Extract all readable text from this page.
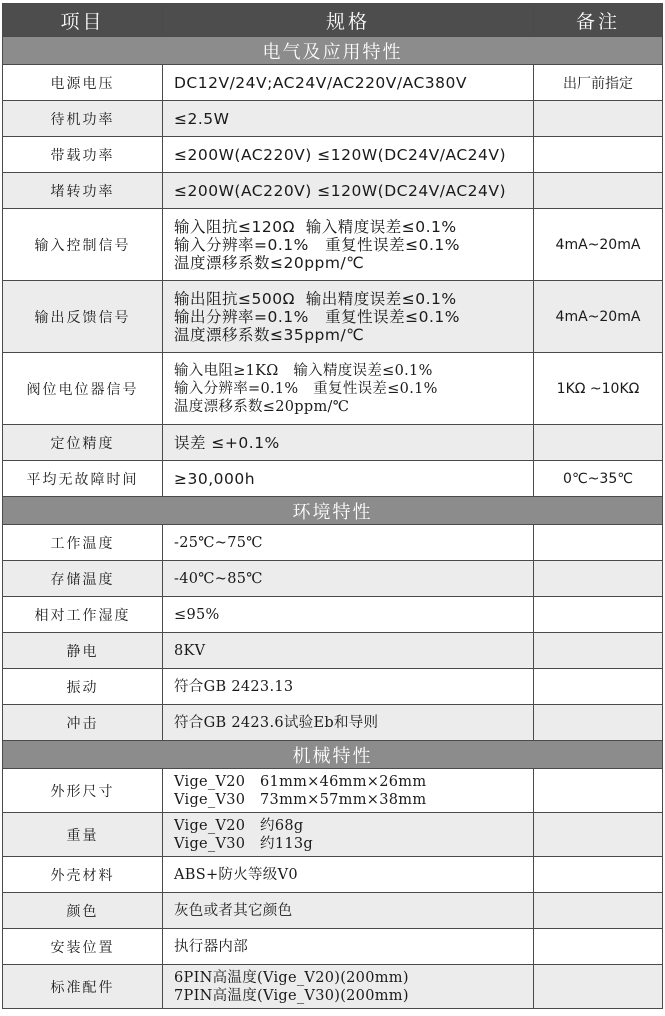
项目	规格	备注
电气及应用特性		
电源电压	DC12V/24V;AC24V/AC220V/AC380V	出厂前指定
待机功率	≤2.5W	

带载功率	≤200W(AC220V) ≤120W(DC24V/AC24V)	

堵转功率	≤200W(AC220V) ≤120W(DC24V/AC24V)	

输入控制信号	输入阻抗≤120Ω  输入精度误差≤0.1%
输入分辨率=0.1%   重复性误差≤0.1%
温度漂移系数≤20ppm/℃	4mA~20mA
输出反馈信号	输出阻抗≤500Ω  输出精度误差≤0.1%
输出分辨率=0.1%   重复性误差≤0.1%
温度漂移系数≤35ppm/℃	4mA~20mA
阀位电位器信号	输入电阻≥1KΩ   输入精度误差≤0.1%
输入分辨率=0.1%   重复性误差≤0.1%
温度漂移系数≤20ppm/℃	1KΩ ~10KΩ
定位精度	误差 ≤+0.1%	

平均无故障时间	≥30,000h	0℃~35℃
环境特性		
工作温度	-25℃~75℃	

存储温度	-40℃~85℃	

相对工作湿度	≤95%	

静电	8KV	

振动	符合GB 2423.13	

冲击	符合GB 2423.6试验Eb和导则	

机械特性		
外形尺寸	Vige_V20   61mm×46mm×26mm
Vige_V30   73mm×57mm×38mm	

重量	Vige_V20   约68g
Vige_V30   约113g	

外壳材料	ABS+防火等级V0	

颜色	灰色或者其它颜色	

安装位置	执行器内部	

标准配件	6PIN高温度(Vige_V20)(200mm)
7PIN高温度(Vige_V30)(200mm)	
